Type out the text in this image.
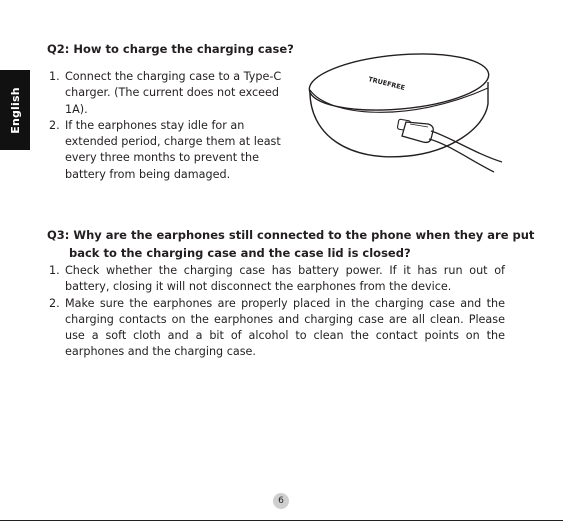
English
Q2: How to charge the charging case?
1. Connect the charging case to a Type-C charger. (The current does not exceed 1A).
2. If the earphones stay idle for an extended period, charge them at least every three months to prevent the battery from being damaged.
TRUEFREE
Q3: Why are the earphones still connected to the phone when they are put back to the charging case and the case lid is closed?
1. Check whether the charging case has battery power. If it has run out of battery, closing it will not disconnect the earphones from the device.
2. Make sure the earphones are properly placed in the charging case and the charging contacts on the earphones and charging case are all clean. Please use a soft cloth and a bit of alcohol to clean the contact points on the earphones and the charging case.
6
